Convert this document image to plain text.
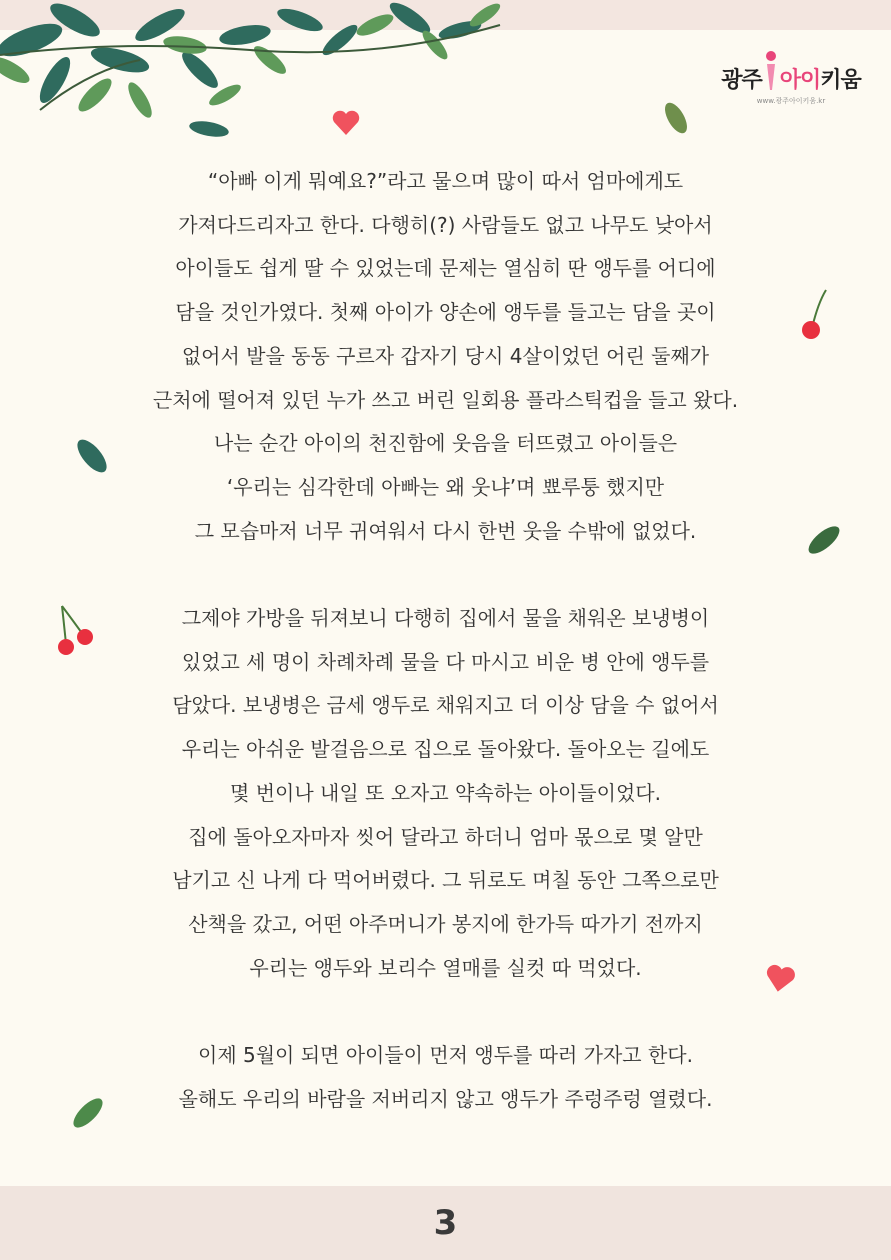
광주 아이 키움
www.광주아이키움.kr
“아빠 이게 뭐예요?”라고 물으며 많이 따서 엄마에게도
가져다드리자고 한다. 다행히(?) 사람들도 없고 나무도 낮아서
아이들도 쉽게 딸 수 있었는데 문제는 열심히 딴 앵두를 어디에
담을 것인가였다. 첫째 아이가 양손에 앵두를 들고는 담을 곳이
없어서 발을 동동 구르자 갑자기 당시 4살이었던 어린 둘째가
근처에 떨어져 있던 누가 쓰고 버린 일회용 플라스틱컵을 들고 왔다.
나는 순간 아이의 천진함에 웃음을 터뜨렸고 아이들은
‘우리는 심각한데 아빠는 왜 웃냐’며 뾰루퉁 했지만
그 모습마저 너무 귀여워서 다시 한번 웃을 수밖에 없었다.
그제야 가방을 뒤져보니 다행히 집에서 물을 채워온 보냉병이
있었고 세 명이 차례차례 물을 다 마시고 비운 병 안에 앵두를
담았다. 보냉병은 금세 앵두로 채워지고 더 이상 담을 수 없어서
우리는 아쉬운 발걸음으로 집으로 돌아왔다. 돌아오는 길에도
몇 번이나 내일 또 오자고 약속하는 아이들이었다.
집에 돌아오자마자 씻어 달라고 하더니 엄마 몫으로 몇 알만
남기고 신 나게 다 먹어버렸다. 그 뒤로도 며칠 동안 그쪽으로만
산책을 갔고, 어떤 아주머니가 봉지에 한가득 따가기 전까지
우리는 앵두와 보리수 열매를 실컷 따 먹었다.
이제 5월이 되면 아이들이 먼저 앵두를 따러 가자고 한다.
올해도 우리의 바람을 저버리지 않고 앵두가 주렁주렁 열렸다.
3
